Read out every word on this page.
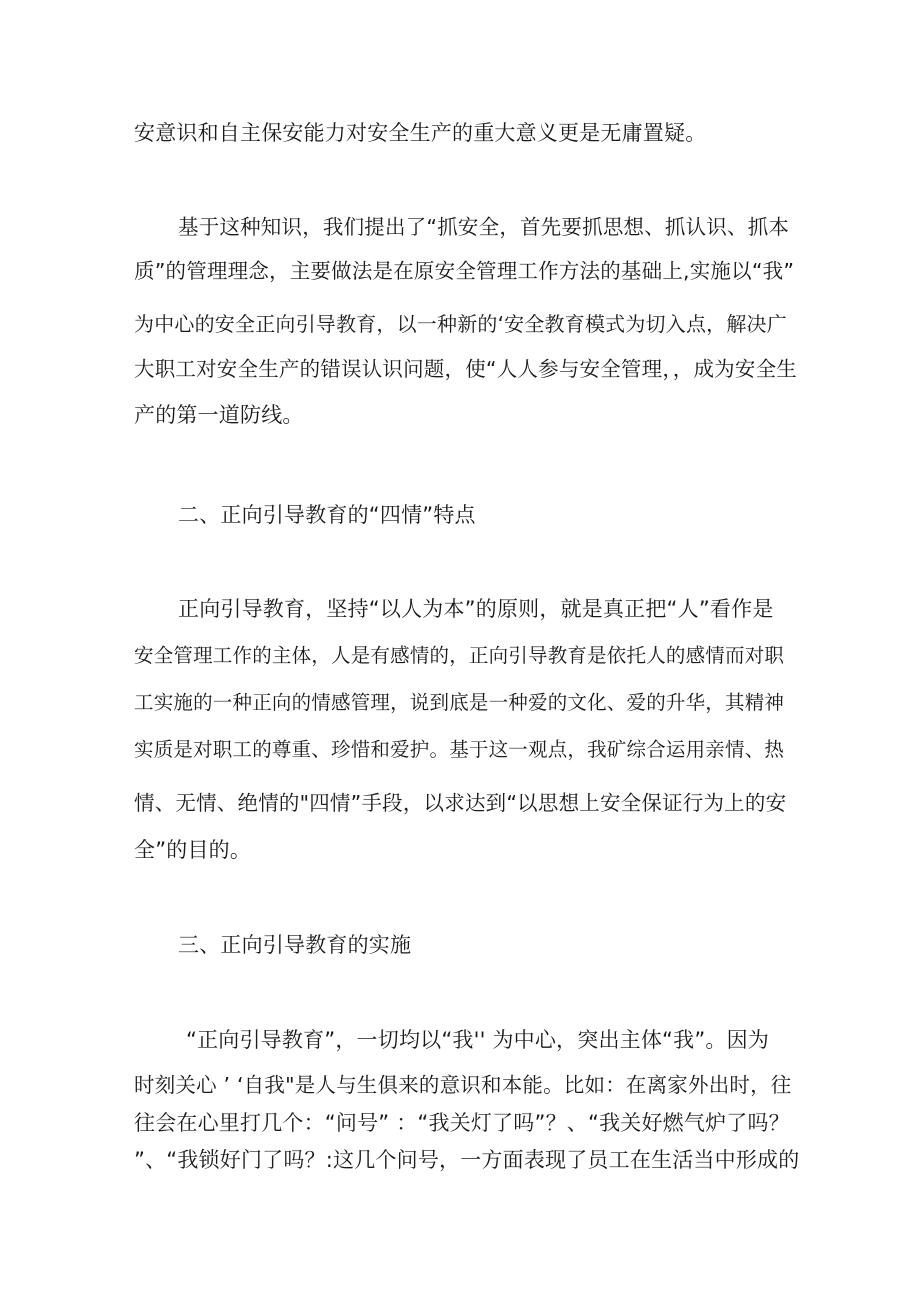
安意识和自主保安能力对安全生产的重大意义更是无庸置疑。
基于这种知识，我们提出了“抓安全，首先要抓思想、抓认识、抓本
质”的管理理念，主要做法是在原安全管理工作方法的基础上,实施以“我”
为中心的安全正向引导教育，以一种新的‘安全教育模式为切入点，解决广
大职工对安全生产的错误认识问题，使“人人参与安全管理，，成为安全生
产的第一道防线。
二、正向引导教育的“四情”特点
正向引导教育，坚持“以人为本”的原则，就是真正把“人”看作是
安全管理工作的主体，人是有感情的，正向引导教育是依托人的感情而对职
工实施的一种正向的情感管理，说到底是一种爱的文化、爱的升华，其精神
实质是对职工的尊重、珍惜和爱护。基于这一观点，我矿综合运用亲情、热
情、无情、绝情的"四情”手段，以求达到“以思想上安全保证行为上的安
全”的目的。
三、正向引导教育的实施
“正向引导教育”，一切均以“我'' 为中心，突出主体“我”。因为
时刻关心 ’ ‘自我"是人与生俱来的意识和本能。比如：在离家外出时，往
往会在心里打几个：“问号” ：“我关灯了吗”？、“我关好燃气炉了吗？
”、“我锁好门了吗？:这几个问号，一方面表现了员工在生活当中形成的
